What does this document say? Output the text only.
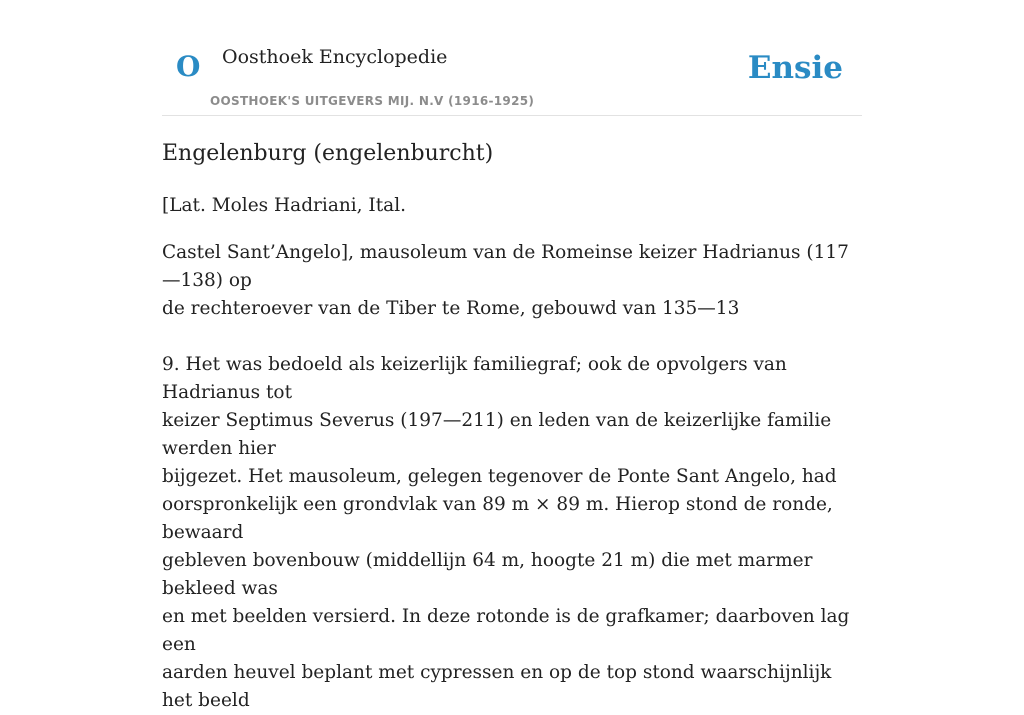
O Oosthoek Encyclopedie
OOSTHOEK'S UITGEVERS MIJ. N.V (1916-1925)
Ensie
Engelenburg (engelenburcht)

[Lat. Moles Hadriani, Ital.

Castel Sant’Angelo], mausoleum van de Romeinse keizer Hadrianus (117—138) op
de rechteroever van de Tiber te Rome, gebouwd van 135—13

9. Het was bedoeld als keizerlijk familiegraf; ook de opvolgers van Hadrianus tot
keizer Septimus Severus (197—211) en leden van de keizerlijke familie werden hier
bijgezet. Het mausoleum, gelegen tegenover de Ponte Sant Angelo, had
oorspronkelijk een grondvlak van 89 m × 89 m. Hierop stond de ronde, bewaard
gebleven bovenbouw (middellijn 64 m, hoogte 21 m) die met marmer bekleed was
en met beelden versierd. In deze rotonde is de grafkamer; daarboven lag een
aarden heuvel beplant met cypressen en op de top stond waarschijnlijk het beeld
